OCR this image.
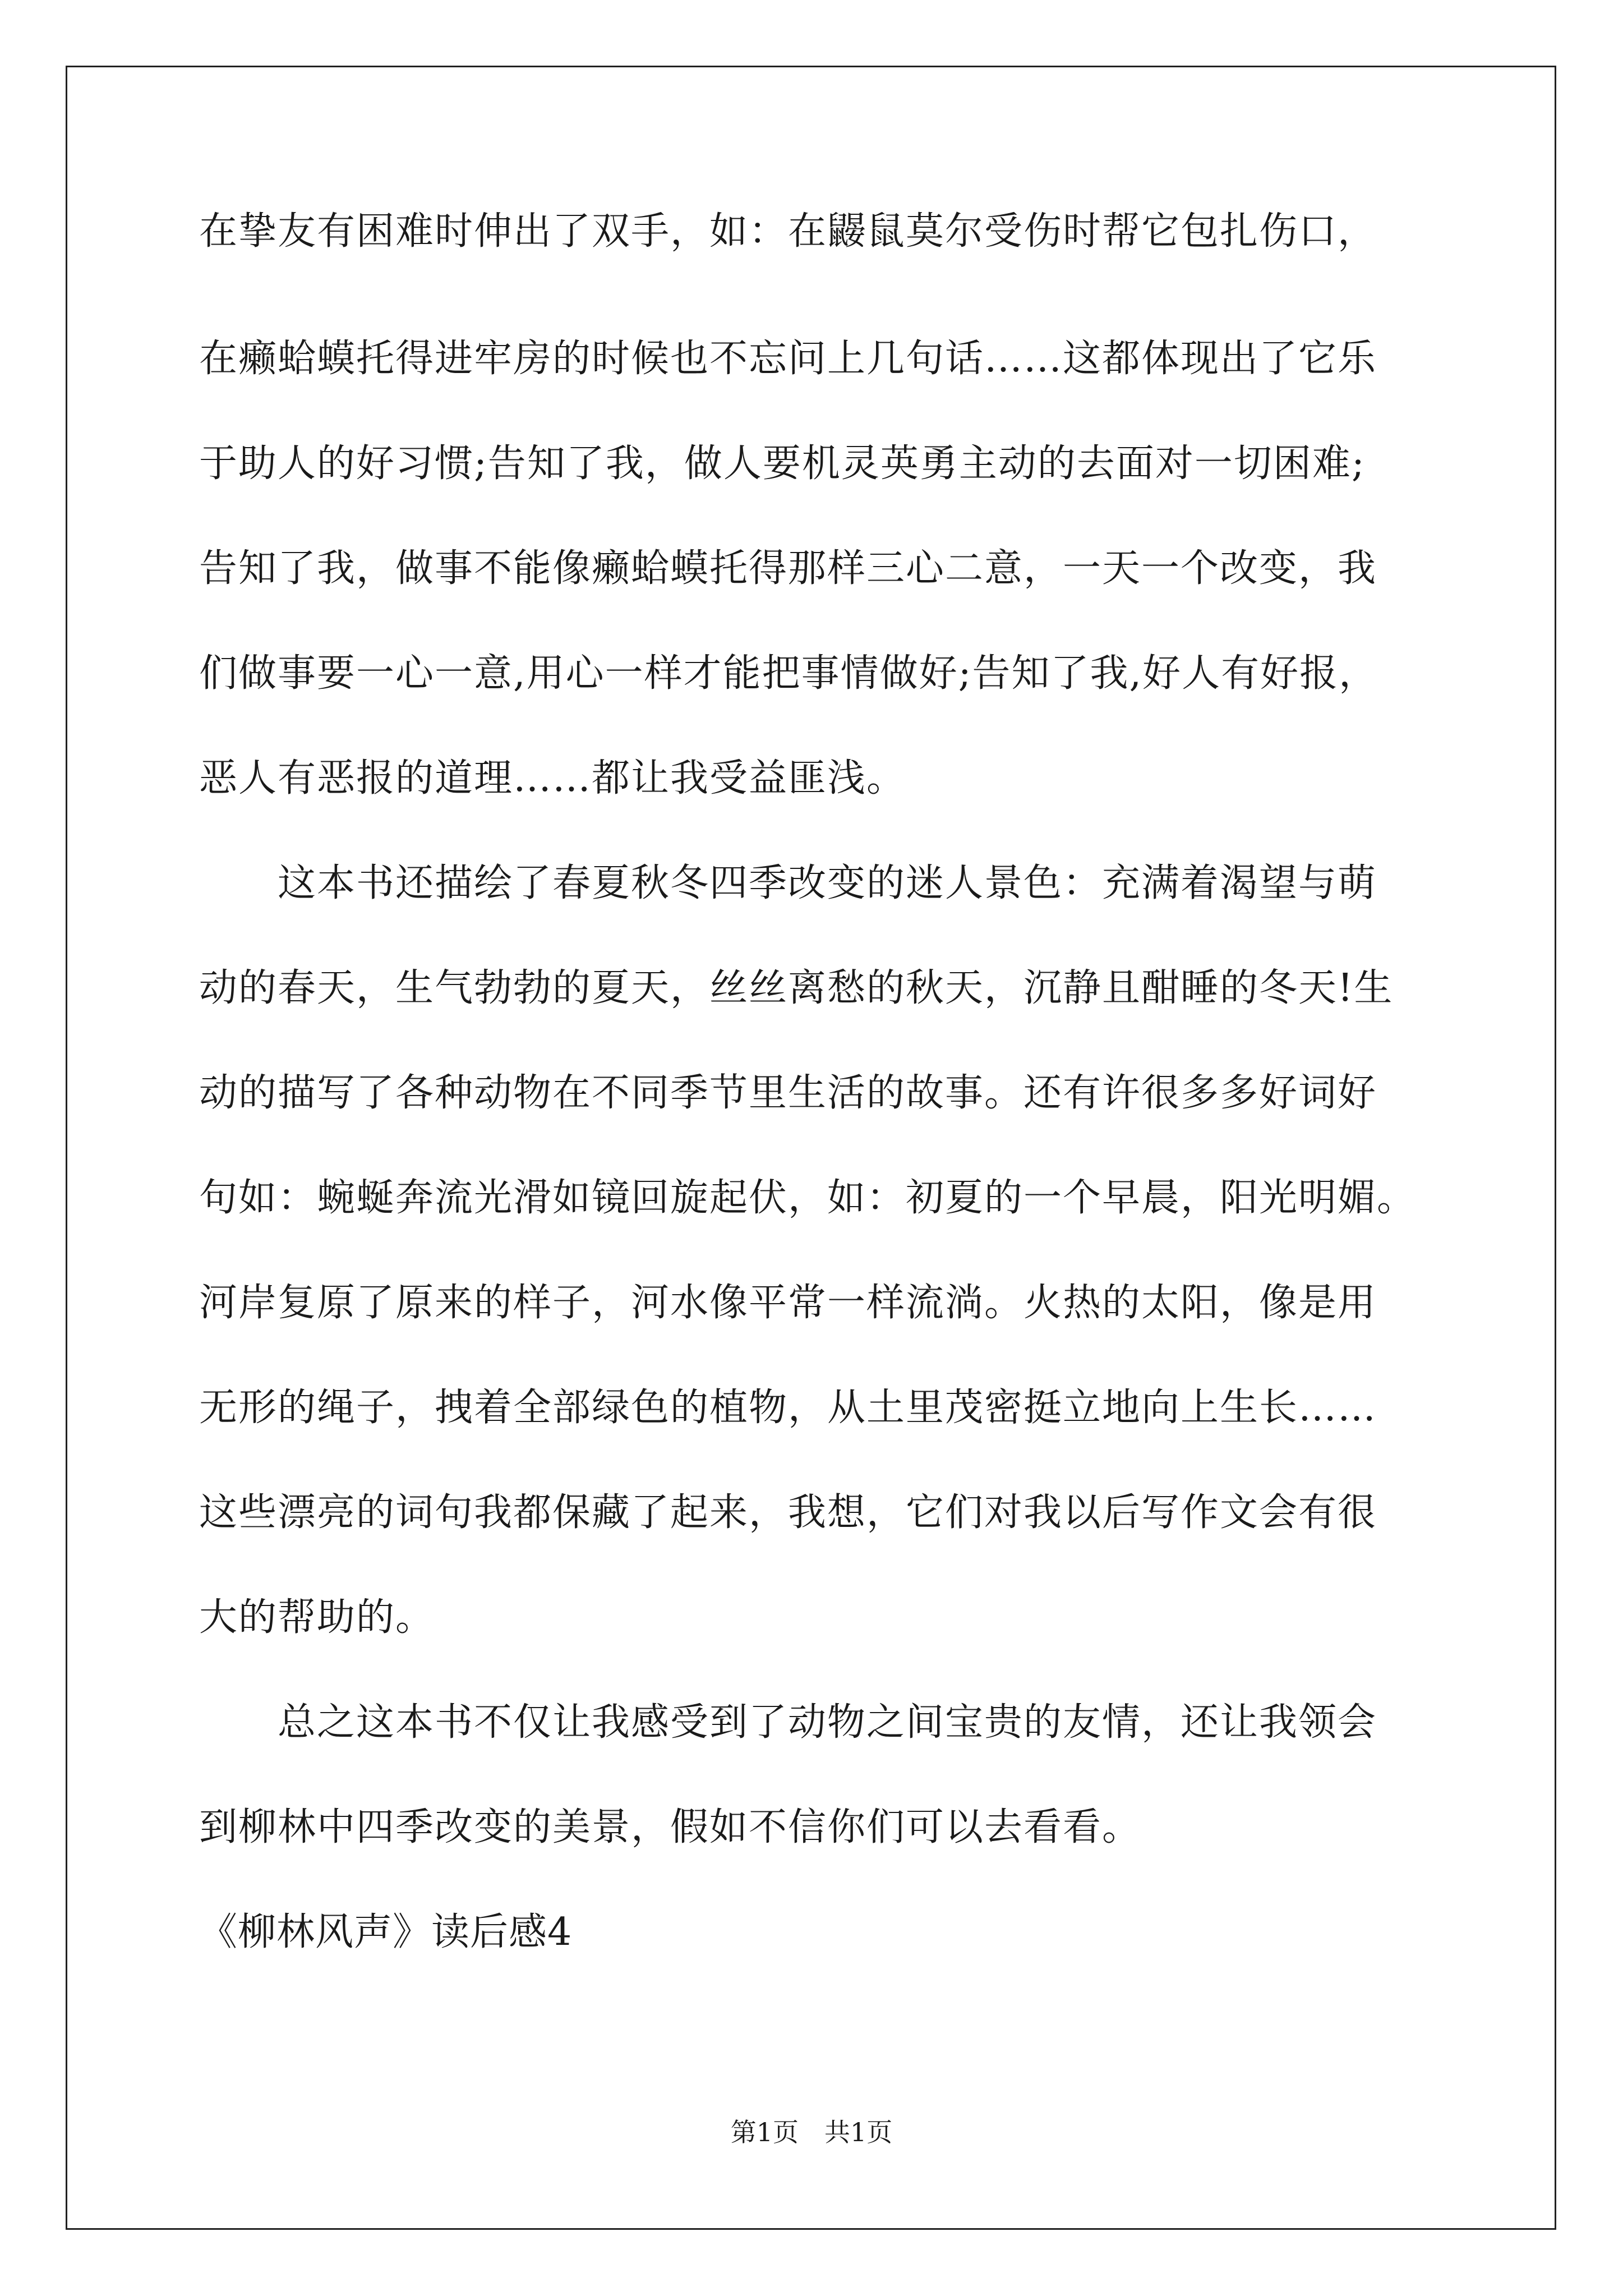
在挚友有困难时伸出了双手，如：在鼹鼠莫尔受伤时帮它包扎伤口，

在癞蛤蟆托得进牢房的时候也不忘问上几句话……这都体现出了它乐

于助人的好习惯;告知了我，做人要机灵英勇主动的去面对一切困难;

告知了我，做事不能像癞蛤蟆托得那样三心二意，一天一个改变，我

们做事要一心一意,用心一样才能把事情做好;告知了我,好人有好报，

恶人有恶报的道理……都让我受益匪浅。

　　这本书还描绘了春夏秋冬四季改变的迷人景色：充满着渴望与萌

动的春天，生气勃勃的夏天，丝丝离愁的秋天，沉静且酣睡的冬天!生

动的描写了各种动物在不同季节里生活的故事。还有许很多多好词好

句如：蜿蜒奔流光滑如镜回旋起伏，如：初夏的一个早晨，阳光明媚。

河岸复原了原来的样子，河水像平常一样流淌。火热的太阳，像是用

无形的绳子，拽着全部绿色的植物，从土里茂密挺立地向上生长……

这些漂亮的词句我都保藏了起来，我想，它们对我以后写作文会有很

大的帮助的。

　　总之这本书不仅让我感受到了动物之间宝贵的友情，还让我领会

到柳林中四季改变的美景，假如不信你们可以去看看。

《柳林风声》读后感4

第1页　共1页
